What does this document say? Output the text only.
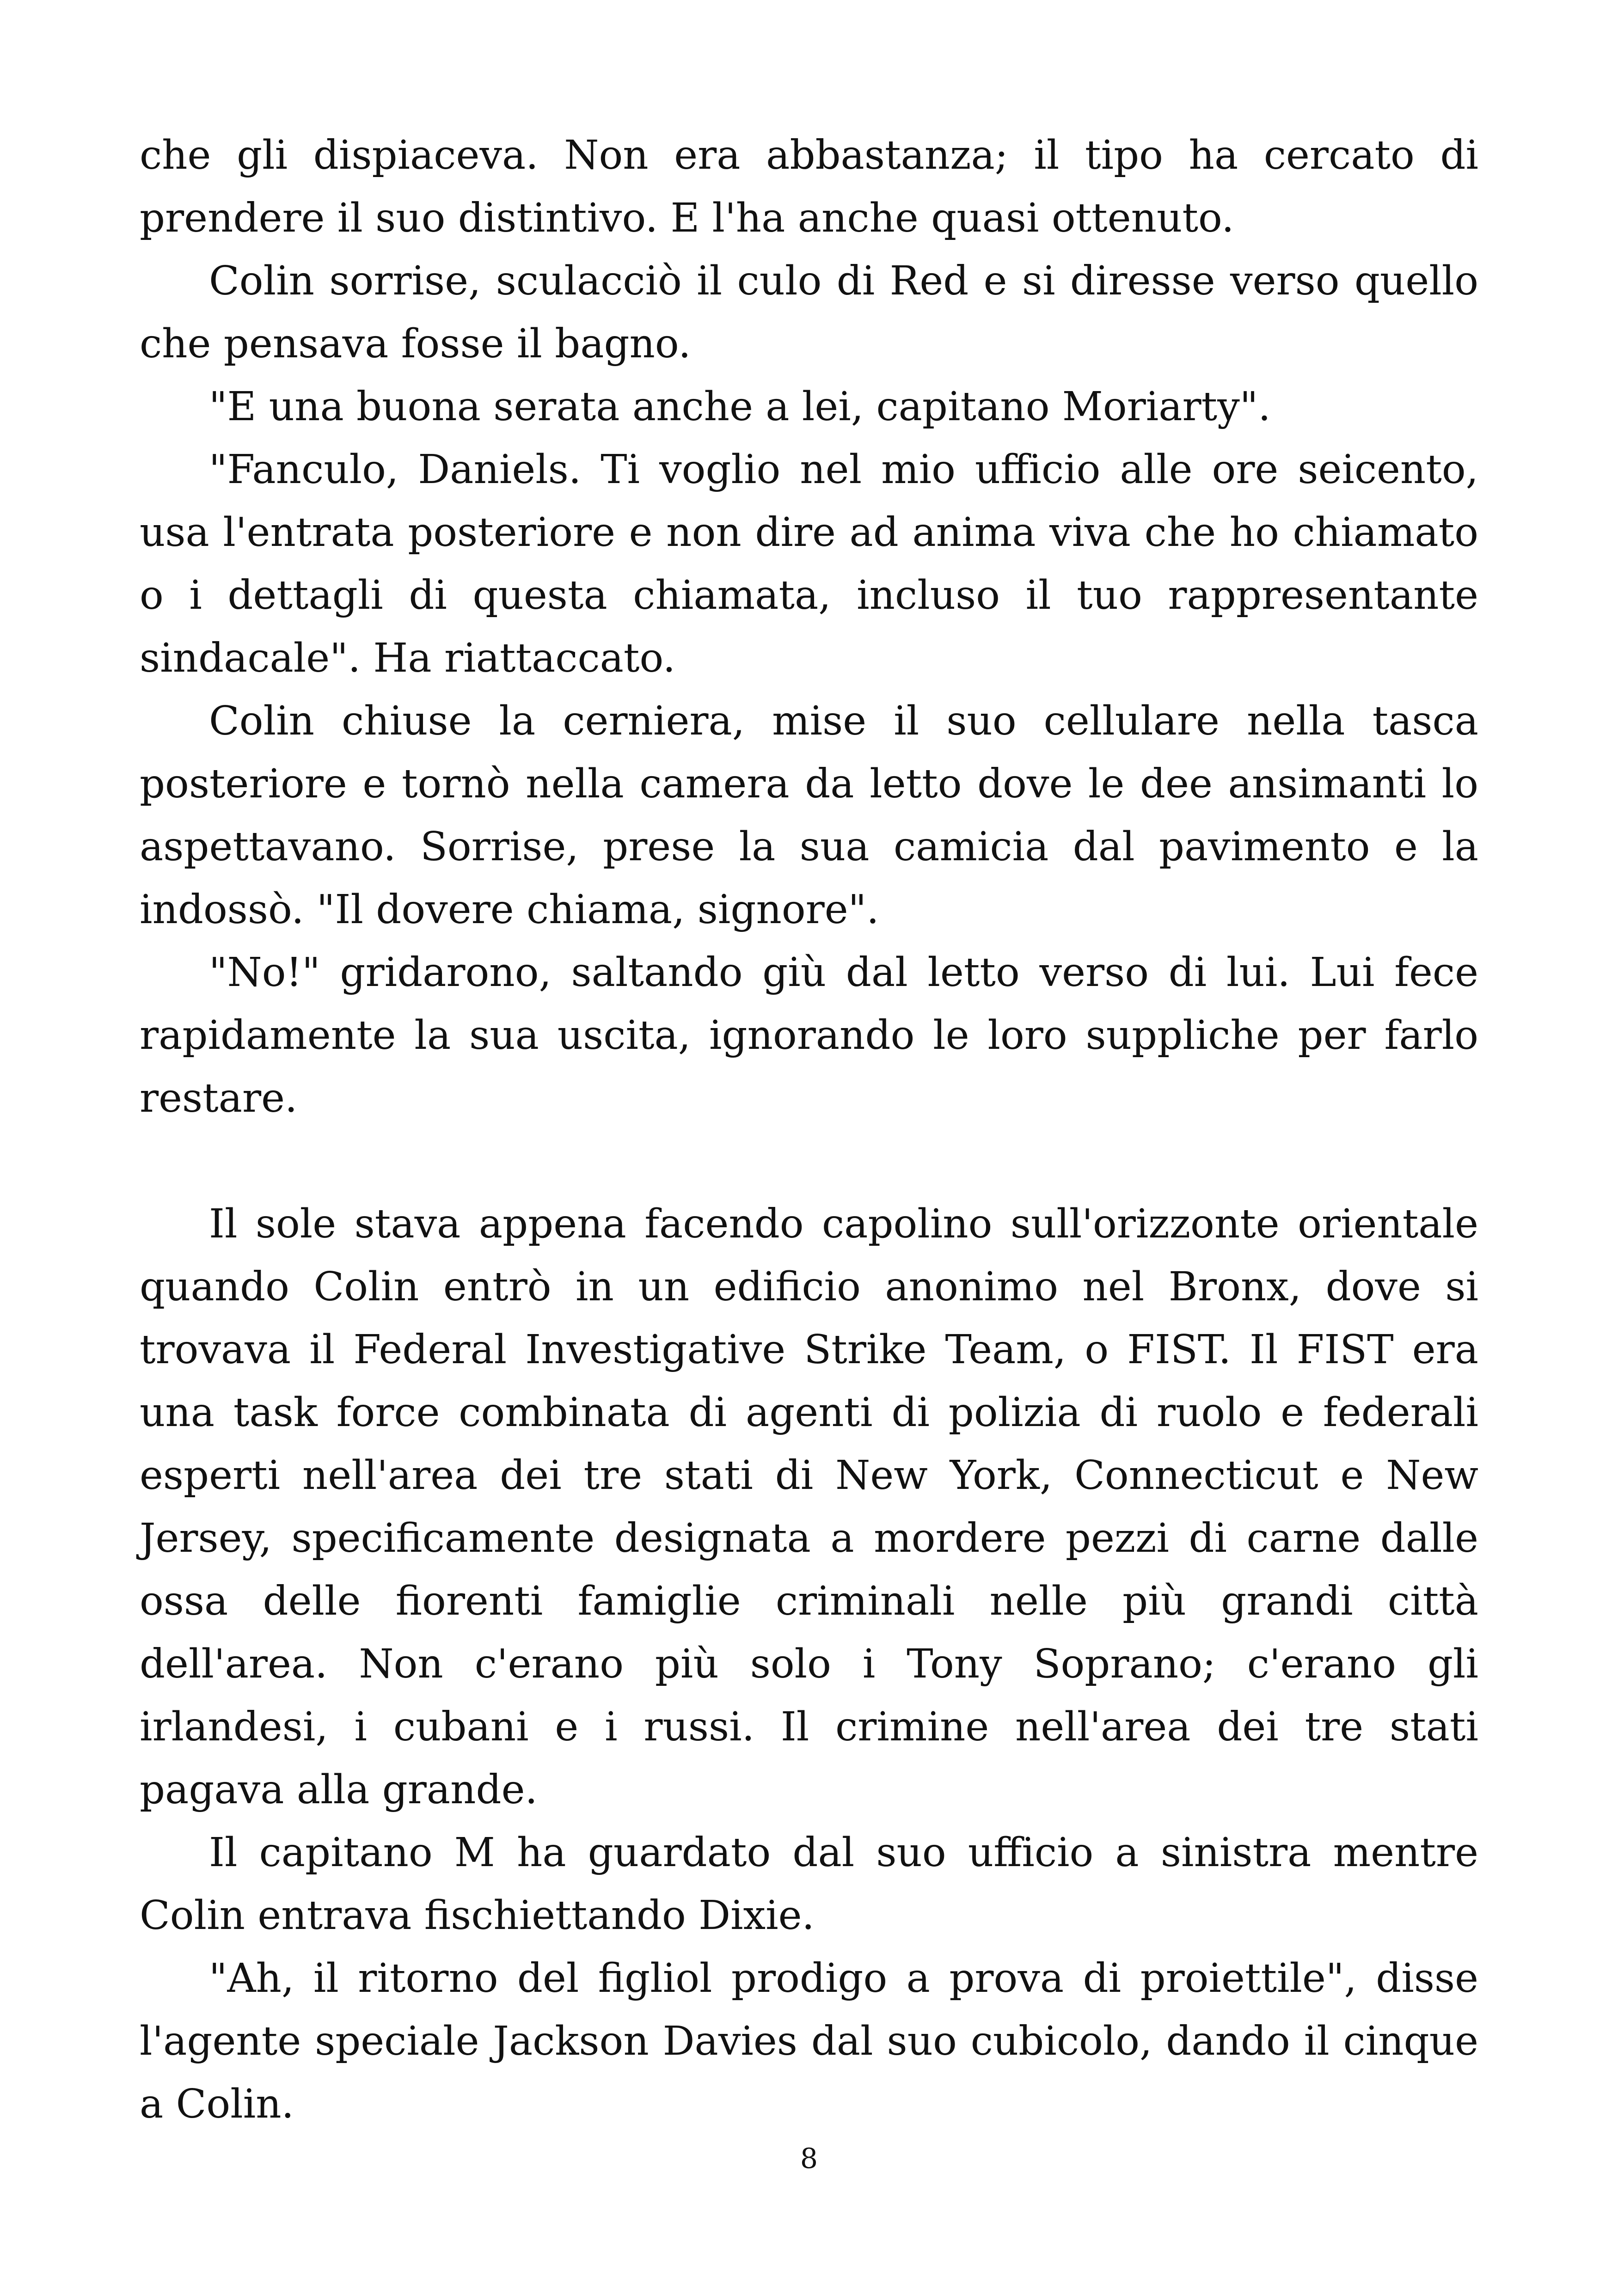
che gli dispiaceva. Non era abbastanza; il tipo ha cercato di prendere il suo distintivo. E l'ha anche quasi ottenuto.

Colin sorrise, sculacciò il culo di Red e si diresse verso quello che pensava fosse il bagno.

"E una buona serata anche a lei, capitano Moriarty".

"Fanculo, Daniels. Ti voglio nel mio ufficio alle ore seicento, usa l'entrata posteriore e non dire ad anima viva che ho chiamato o i dettagli di questa chiamata, incluso il tuo rappresentante sindacale". Ha riattaccato.

Colin chiuse la cerniera, mise il suo cellulare nella tasca posteriore e tornò nella camera da letto dove le dee ansimanti lo aspettavano. Sorrise, prese la sua camicia dal pavimento e la indossò. "Il dovere chiama, signore".

"No!" gridarono, saltando giù dal letto verso di lui. Lui fece rapidamente la sua uscita, ignorando le loro suppliche per farlo restare.

Il sole stava appena facendo capolino sull'orizzonte orientale quando Colin entrò in un edificio anonimo nel Bronx, dove si trovava il Federal Investigative Strike Team, o FIST. Il FIST era una task force combinata di agenti di polizia di ruolo e federali esperti nell'area dei tre stati di New York, Connecticut e New Jersey, specificamente designata a mordere pezzi di carne dalle ossa delle fiorenti famiglie criminali nelle più grandi città dell'area. Non c'erano più solo i Tony Soprano; c'erano gli irlandesi, i cubani e i russi. Il crimine nell'area dei tre stati pagava alla grande.

Il capitano M ha guardato dal suo ufficio a sinistra mentre Colin entrava fischiettando Dixie.

"Ah, il ritorno del figliol prodigo a prova di proiettile", disse l'agente speciale Jackson Davies dal suo cubicolo, dando il cinque a Colin.

8
